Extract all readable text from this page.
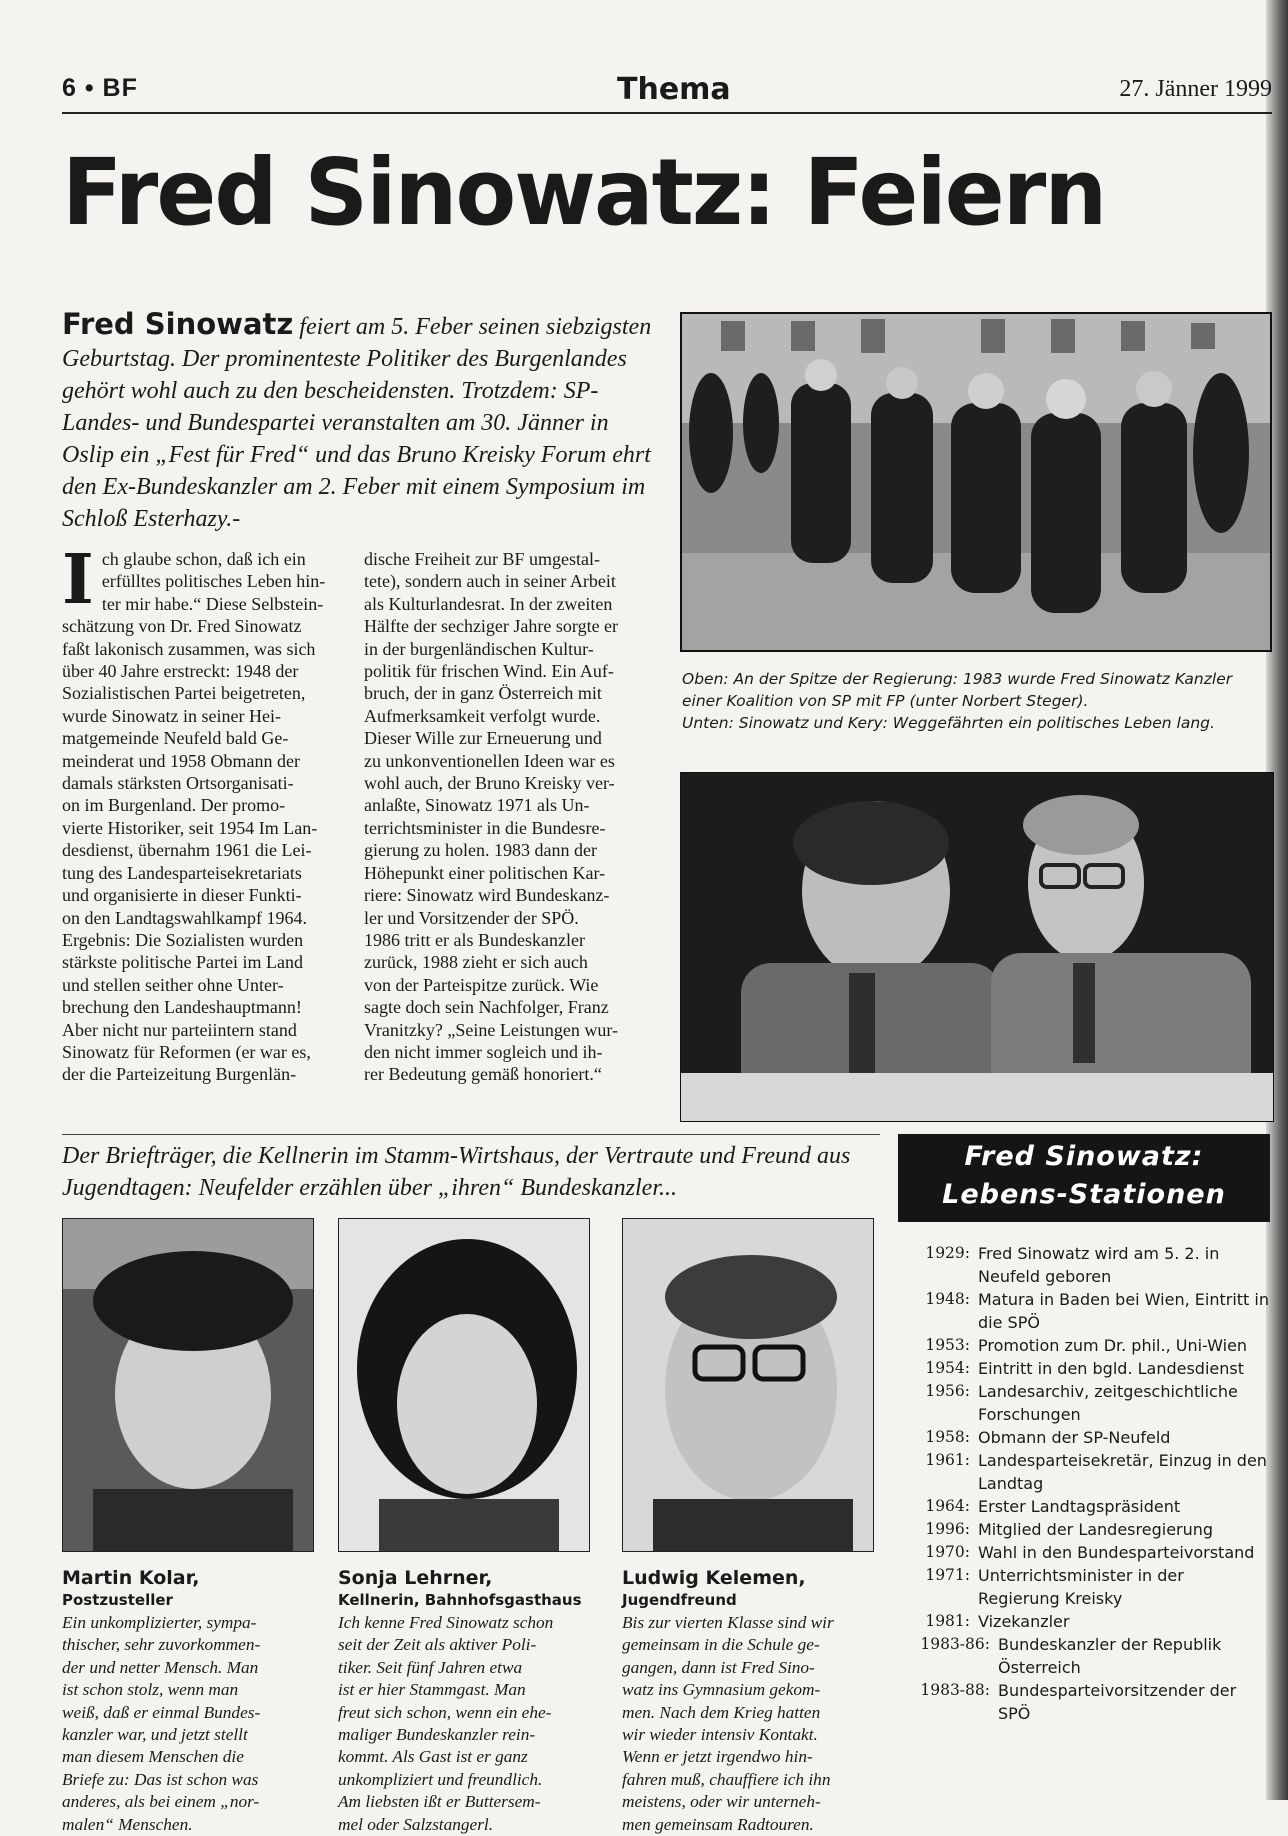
6 • BF	Thema	27. Jänner 1999
Fred Sinowatz: Feiern
Fred Sinowatz feiert am 5. Feber seinen siebzigsten Geburtstag. Der prominenteste Politiker des Burgenlandes gehört wohl auch zu den bescheidensten. Trotzdem: SP-Landes- und Bundespartei veranstalten am 30. Jänner in Oslip ein „Fest für Fred“ und das Bruno Kreisky Forum ehrt den Ex-Bundeskanzler am 2. Feber mit einem Symposium im Schloß Esterhazy.-
I ch glaube schon, daß ich ein
erfülltes politisches Leben hin-
ter mir habe.“ Diese Selbstein-
schätzung von Dr. Fred Sinowatz
faßt lakonisch zusammen, was sich
über 40 Jahre erstreckt: 1948 der
Sozialistischen Partei beigetreten,
wurde Sinowatz in seiner Hei-
matgemeinde Neufeld bald Ge-
meinderat und 1958 Obmann der
damals stärksten Ortsorganisati-
on im Burgenland. Der promo-
vierte Historiker, seit 1954 Im Lan-
desdienst, übernahm 1961 die Lei-
tung des Landesparteisekretariats
und organisierte in dieser Funkti-
on den Landtagswahlkampf 1964.
Ergebnis: Die Sozialisten wurden
stärkste politische Partei im Land
und stellen seither ohne Unter-
brechung den Landeshauptmann!
Aber nicht nur parteiintern stand
Sinowatz für Reformen (er war es,
der die Parteizeitung Burgenlän-
dische Freiheit zur BF umgestal-
tete), sondern auch in seiner Arbeit
als Kulturlandesrat. In der zweiten
Hälfte der sechziger Jahre sorgte er
in der burgenländischen Kultur-
politik für frischen Wind. Ein Auf-
bruch, der in ganz Österreich mit
Aufmerksamkeit verfolgt wurde.
Dieser Wille zur Erneuerung und
zu unkonventionellen Ideen war es
wohl auch, der Bruno Kreisky ver-
anlaßte, Sinowatz 1971 als Un-
terrichtsminister in die Bundesre-
gierung zu holen. 1983 dann der
Höhepunkt einer politischen Kar-
riere: Sinowatz wird Bundeskanz-
ler und Vorsitzender der SPÖ.
1986 tritt er als Bundeskanzler
zurück, 1988 zieht er sich auch
von der Parteispitze zurück. Wie
sagte doch sein Nachfolger, Franz
Vranitzky? „Seine Leistungen wur-
den nicht immer sogleich und ih-
rer Bedeutung gemäß honoriert.“

Oben: An der Spitze der Regierung: 1983 wurde Fred Sinowatz Kanzler einer Koalition von SP mit FP (unter Norbert Steger).

Unten: Sinowatz und Kery: Weggefährten ein politisches Leben lang.

Der Briefträger, die Kellnerin im Stamm-Wirtshaus, der Vertraute und Freund aus Jugendtagen: Neufelder erzählen über „ihren“ Bundeskanzler...
Martin Kolar,
Postzusteller
Ein unkomplizierter, sympa-
thischer, sehr zuvorkommen-
der und netter Mensch. Man
ist schon stolz, wenn man
weiß, daß er einmal Bundes-
kanzler war, und jetzt stellt
man diesem Menschen die
Briefe zu: Das ist schon was
anderes, als bei einem „nor-
malen“ Menschen.
Sonja Lehrner,
Kellnerin, Bahnhofsgasthaus
Ich kenne Fred Sinowatz schon
seit der Zeit als aktiver Poli-
tiker. Seit fünf Jahren etwa
ist er hier Stammgast. Man
freut sich schon, wenn ein ehe-
maliger Bundeskanzler rein-
kommt. Als Gast ist er ganz
unkompliziert und freundlich.
Am liebsten ißt er Buttersem-
mel oder Salzstangerl.
Ludwig Kelemen,
Jugendfreund
Bis zur vierten Klasse sind wir
gemeinsam in die Schule ge-
gangen, dann ist Fred Sino-
watz ins Gymnasium gekom-
men. Nach dem Krieg hatten
wir wieder intensiv Kontakt.
Wenn er jetzt irgendwo hin-
fahren muß, chauffiere ich ihn
meistens, oder wir unterneh-
men gemeinsam Radtouren.
Fred Sinowatz:
Lebens-Stationen
1929: Fred Sinowatz wird am 5. 2. in Neufeld geboren
1948: Matura in Baden bei Wien, Eintritt in die SPÖ
1953: Promotion zum Dr. phil., Uni-Wien
1954: Eintritt in den bgld. Landesdienst
1956: Landesarchiv, zeitgeschichtliche Forschungen
1958: Obmann der SP-Neufeld
1961: Landesparteisekretär, Einzug in den Landtag
1964: Erster Landtagspräsident
1996: Mitglied der Landesregierung
1970: Wahl in den Bundesparteivorstand
1971: Unterrichtsminister in der Regierung Kreisky
1981: Vizekanzler
1983-86: Bundeskanzler der Republik Österreich
1983-88: Bundesparteivorsitzender der SPÖ
